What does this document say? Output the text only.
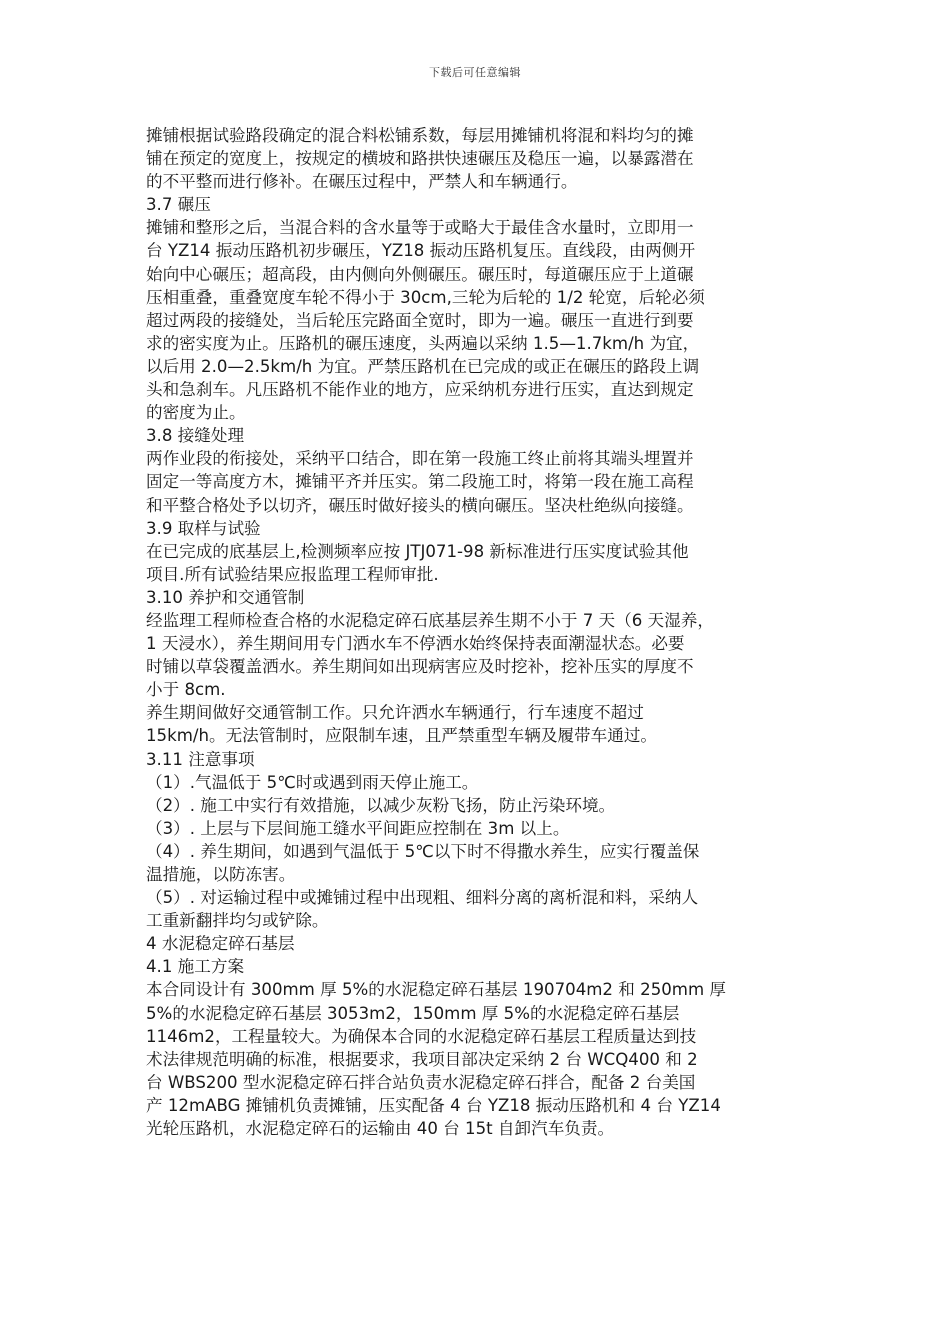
下载后可任意编辑
摊铺根据试验路段确定的混合料松铺系数，每层用摊铺机将混和料均匀的摊
铺在预定的宽度上，按规定的横坡和路拱快速碾压及稳压一遍，以暴露潜在
的不平整而进行修补。在碾压过程中，严禁人和车辆通行。
3.7 碾压
摊铺和整形之后，当混合料的含水量等于或略大于最佳含水量时，立即用一
台 YZ14 振动压路机初步碾压，YZ18 振动压路机复压。直线段，由两侧开
始向中心碾压；超高段，由内侧向外侧碾压。碾压时，每道碾压应于上道碾
压相重叠，重叠宽度车轮不得小于 30cm,三轮为后轮的 1/2 轮宽，后轮必须
超过两段的接缝处，当后轮压完路面全宽时，即为一遍。碾压一直进行到要
求的密实度为止。压路机的碾压速度，头两遍以采纳 1.5—1.7km/h 为宜，
以后用 2.0—2.5km/h 为宜。严禁压路机在已完成的或正在碾压的路段上调
头和急刹车。凡压路机不能作业的地方，应采纳机夯进行压实，直达到规定
的密度为止。
3.8 接缝处理
两作业段的衔接处，采纳平口结合，即在第一段施工终止前将其端头埋置并
固定一等高度方木，摊铺平齐并压实。第二段施工时，将第一段在施工高程
和平整合格处予以切齐，碾压时做好接头的横向碾压。坚决杜绝纵向接缝。
3.9 取样与试验
在已完成的底基层上,检测频率应按 JTJ071-98 新标准进行压实度试验其他
项目.所有试验结果应报监理工程师审批.
3.10 养护和交通管制
经监理工程师检查合格的水泥稳定碎石底基层养生期不小于 7 天（6 天湿养，
1 天浸水），养生期间用专门洒水车不停洒水始终保持表面潮湿状态。必要
时铺以草袋覆盖洒水。养生期间如出现病害应及时挖补，挖补压实的厚度不
小于 8cm.
养生期间做好交通管制工作。只允许洒水车辆通行，行车速度不超过
15km/h。无法管制时，应限制车速，且严禁重型车辆及履带车通过。
3.11 注意事项
（1）.气温低于 5℃时或遇到雨天停止施工。
（2）. 施工中实行有效措施，以减少灰粉飞扬，防止污染环境。
（3）. 上层与下层间施工缝水平间距应控制在 3m 以上。
（4）. 养生期间，如遇到气温低于 5℃以下时不得撒水养生，应实行覆盖保
温措施，以防冻害。
（5）. 对运输过程中或摊铺过程中出现粗、细料分离的离析混和料，采纳人
工重新翻拌均匀或铲除。
4 水泥稳定碎石基层
4.1 施工方案
本合同设计有 300mm 厚 5%的水泥稳定碎石基层 190704m2 和 250mm 厚
5%的水泥稳定碎石基层 3053m2，150mm 厚 5%的水泥稳定碎石基层
1146m2，工程量较大。为确保本合同的水泥稳定碎石基层工程质量达到技
术法律规范明确的标准，根据要求，我项目部决定采纳 2 台 WCQ400 和 2
台 WBS200 型水泥稳定碎石拌合站负责水泥稳定碎石拌合，配备 2 台美国
产 12mABG 摊铺机负责摊铺，压实配备 4 台 YZ18 振动压路机和 4 台 YZ14
光轮压路机，水泥稳定碎石的运输由 40 台 15t 自卸汽车负责。
